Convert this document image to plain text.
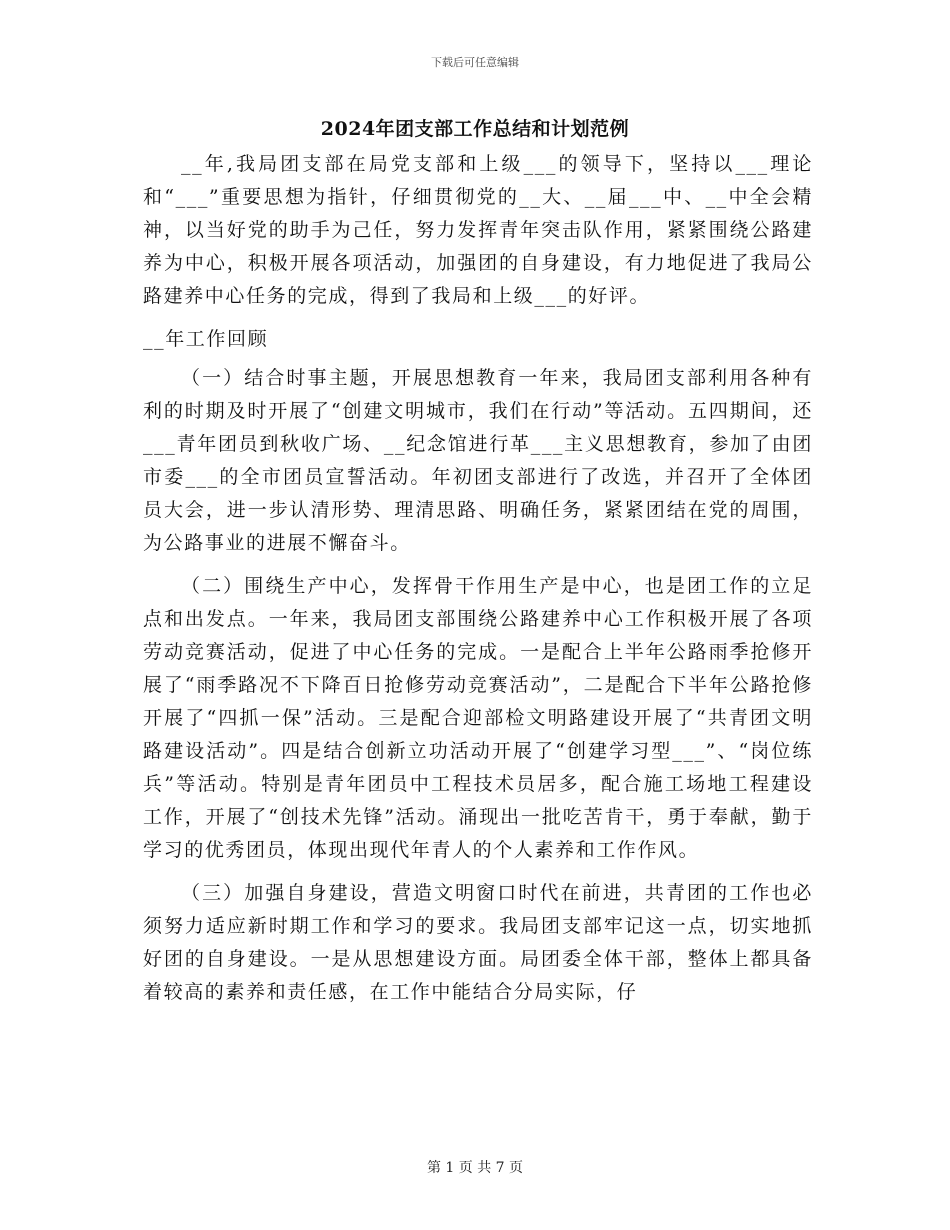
下载后可任意编辑
2024年团支部工作总结和计划范例

__年,我局团支部在局党支部和上级___的领导下，坚持以___理论和“___”重要思想为指针，仔细贯彻党的__大、__届___中、__中全会精神，以当好党的助手为己任，努力发挥青年突击队作用，紧紧围绕公路建养为中心，积极开展各项活动，加强团的自身建设，有力地促进了我局公路建养中心任务的完成，得到了我局和上级___的好评。

__年工作回顾

（一）结合时事主题，开展思想教育一年来，我局团支部利用各种有利的时期及时开展了“创建文明城市，我们在行动”等活动。五四期间，还___青年团员到秋收广场、__纪念馆进行革___主义思想教育，参加了由团市委___的全市团员宣誓活动。年初团支部进行了改选，并召开了全体团员大会，进一步认清形势、理清思路、明确任务，紧紧团结在党的周围，为公路事业的进展不懈奋斗。

（二）围绕生产中心，发挥骨干作用生产是中心，也是团工作的立足点和出发点。一年来，我局团支部围绕公路建养中心工作积极开展了各项劳动竞赛活动，促进了中心任务的完成。一是配合上半年公路雨季抢修开展了“雨季路况不下降百日抢修劳动竞赛活动”，二是配合下半年公路抢修开展了“四抓一保”活动。三是配合迎部检文明路建设开展了“共青团文明路建设活动”。四是结合创新立功活动开展了“创建学习型___”、“岗位练兵”等活动。特别是青年团员中工程技术员居多，配合施工场地工程建设工作，开展了“创技术先锋”活动。涌现出一批吃苦肯干，勇于奉献，勤于学习的优秀团员，体现出现代年青人的个人素养和工作作风。

（三）加强自身建设，营造文明窗口时代在前进，共青团的工作也必须努力适应新时期工作和学习的要求。我局团支部牢记这一点，切实地抓好团的自身建设。一是从思想建设方面。局团委全体干部，整体上都具备着较高的素养和责任感，在工作中能结合分局实际，仔

第 1 页 共 7 页
